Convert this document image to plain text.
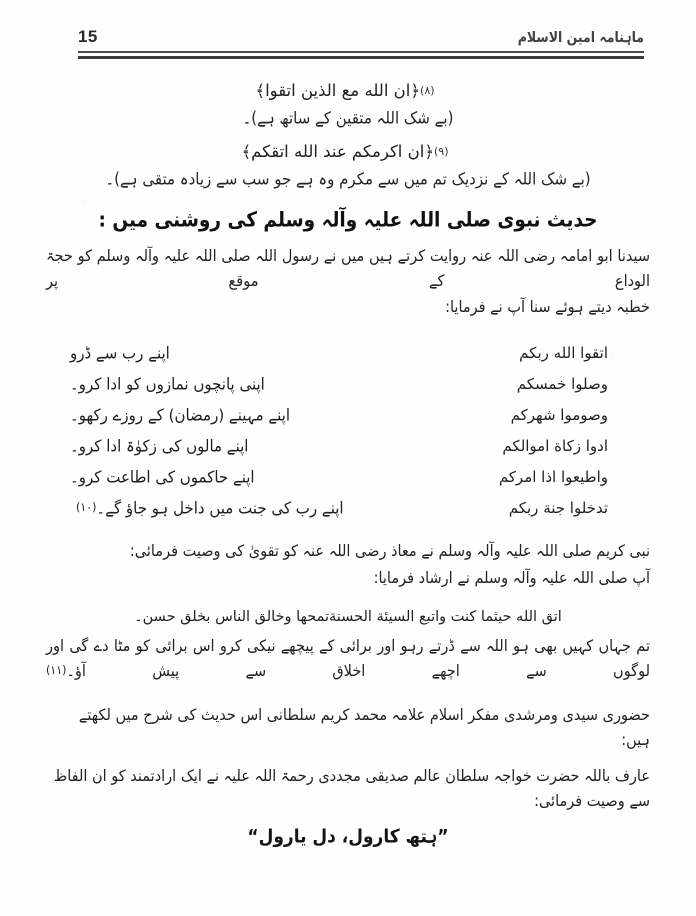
ماہنامہ امین الاسلام
15
(۸)﴿ان الله مع الذين اتقوا﴾
(بے شک اللہ متقین کے ساتھ ہے)۔
(۹)﴿ان اكرمكم عند الله اتقكم﴾
(بے شک اللہ کے نزدیک تم میں سے مکرم وہ ہے جو سب سے زیادہ متقی ہے)۔
حدیث نبوی صلی اللہ علیہ وآلہ وسلم کی روشنی میں :
سیدنا ابو امامہ رضی اللہ عنہ روایت کرتے ہیں میں نے رسول اللہ صلی اللہ علیہ وآلہ وسلم کو حجۃ الوداع کے موقع پر
خطبہ دیتے ہوئے سنا آپ نے فرمایا:
اتقوا الله ربكم	اپنے رب سے ڈرو
وصلوا خمسكم	اپنی پانچوں نمازوں کو ادا کرو۔
وصوموا شهركم	اپنے مہینے (رمضان) کے روزے رکھو۔
ادوا زكاة اموالكم	اپنے مالوں کی زکوٰۃ ادا کرو۔
واطيعوا اذا امركم	اپنے حاکموں کی اطاعت کرو۔
تدخلوا جنة ربكم	اپنے رب کی جنت میں داخل ہو جاؤ گے۔(۱۰)
نبی کریم صلی اللہ علیہ وآلہ وسلم نے معاذ رضی اللہ عنہ کو تقویٰ کی وصیت فرمائی:
آپ صلی اللہ علیہ وآلہ وسلم نے ارشاد فرمایا:
اتق الله حيثما كنت واتبع السيئة الحسنةتمحها وخالق الناس بخلق حسن۔
تم جہاں کہیں بھی ہو اللہ سے ڈرتے رہو اور برائی کے پیچھے نیکی کرو اس برائی کو مٹا دے گی اور لوگوں سے اچھے اخلاق سے پیش آؤ۔(۱۱)
حضوری سیدی ومرشدی مفکر اسلام علامہ محمد کریم سلطانی اس حدیث کی شرح میں لکھتے ہیں:
عارف باللہ حضرت خواجہ سلطان عالم صدیقی مجددی رحمۃ اللہ علیہ نے ایک ارادتمند کو ان الفاظ سے وصیت فرمائی:
”ہتھ کارول، دل یارول“
